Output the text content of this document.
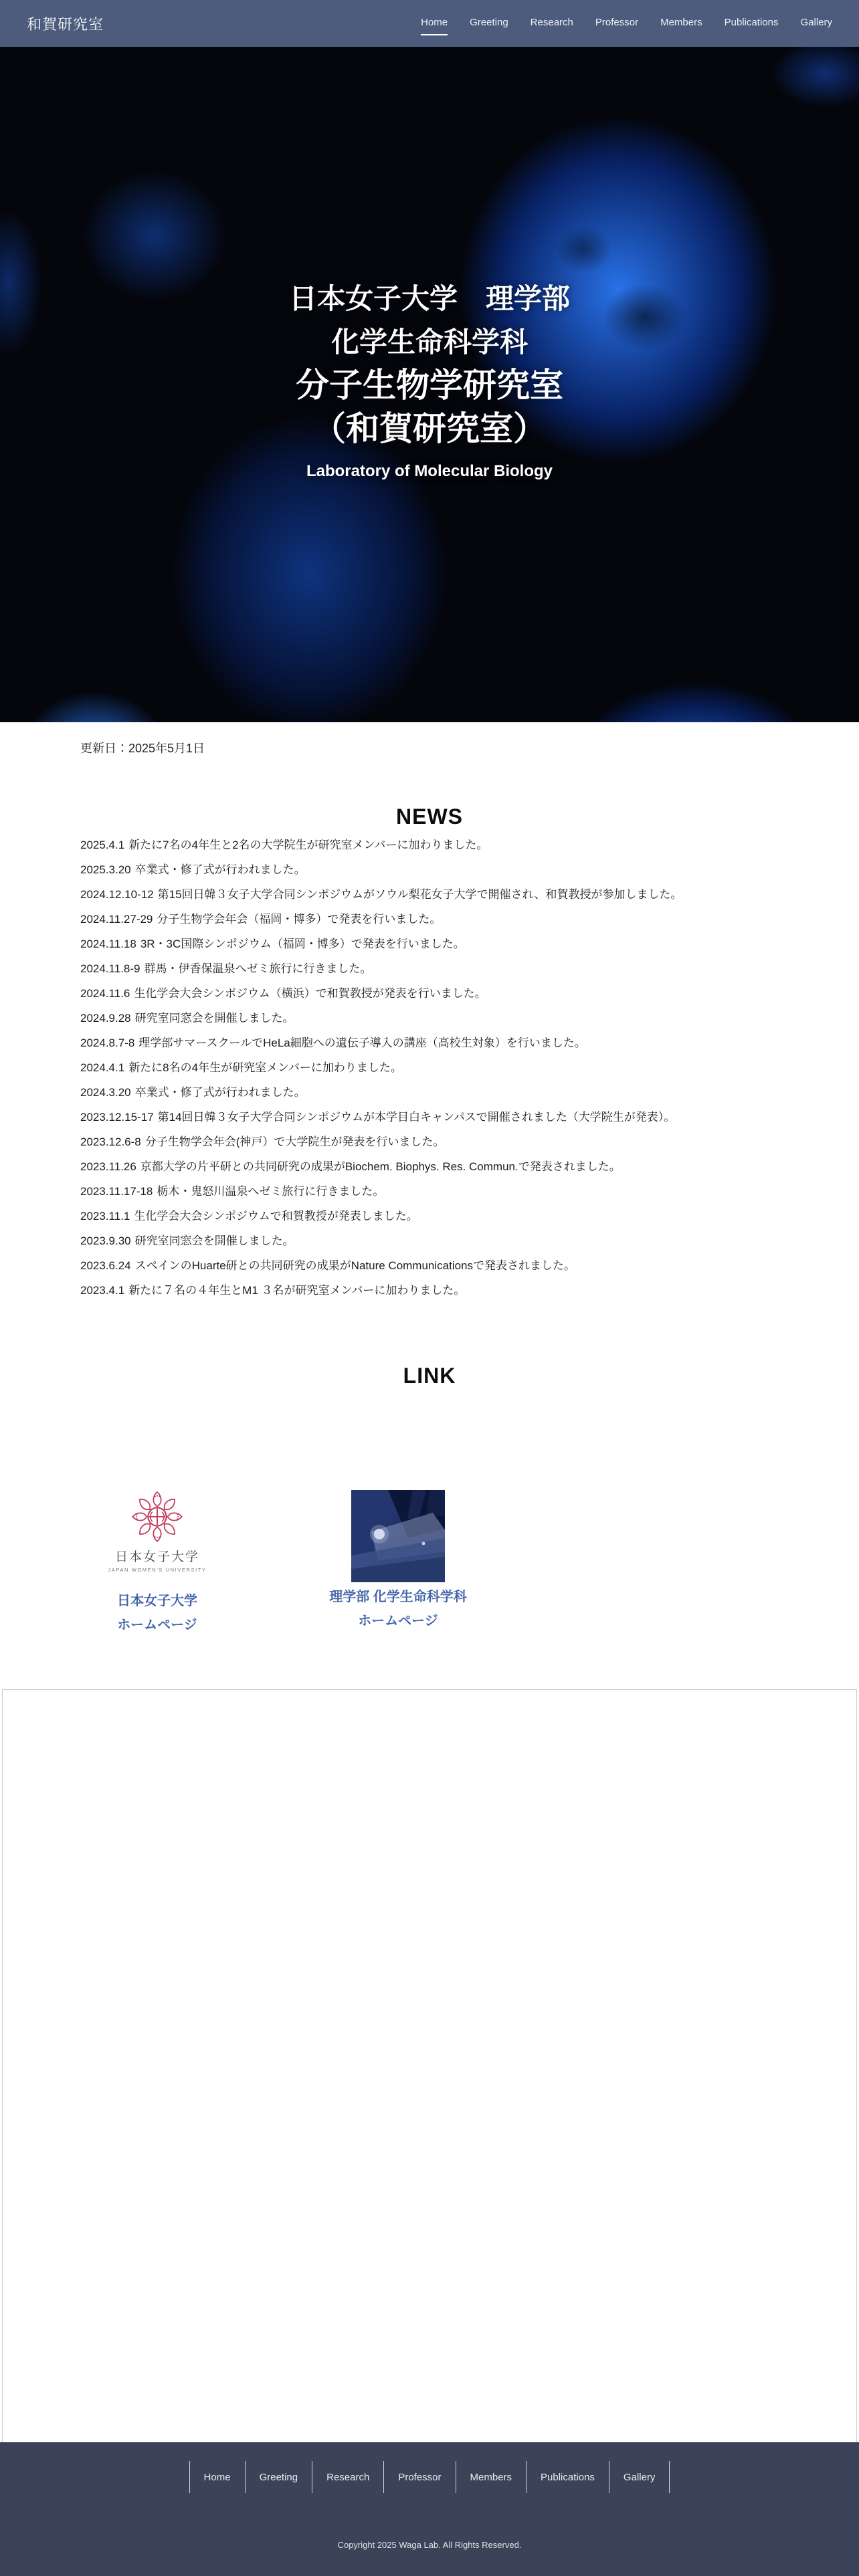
和賀研究室	Home Greeting Research Professor Members Publications Gallery
日本女子大学　理学部
化学生命科学科
分子生物学研究室
（和賀研究室）
Laboratory of Molecular Biology

更新日：2025年5月1日

NEWS
2025.4.1 新たに7名の4年生と2名の大学院生が研究室メンバーに加わりました。
2025.3.20 卒業式・修了式が行われました。
2024.12.10-12 第15回日韓３女子大学合同シンポジウムがソウル梨花女子大学で開催され、和賀教授が参加しました。
2024.11.27-29 分子生物学会年会（福岡・博多）で発表を行いました。
2024.11.18 3R・3C国際シンポジウム（福岡・博多）で発表を行いました。
2024.11.8-9 群馬・伊香保温泉へゼミ旅行に行きました。
2024.11.6 生化学会大会シンポジウム（横浜）で和賀教授が発表を行いました。
2024.9.28 研究室同窓会を開催しました。
2024.8.7-8 理学部サマースクールでHeLa細胞への遺伝子導入の講座（高校生対象）を行いました。
2024.4.1 新たに8名の4年生が研究室メンバーに加わりました。
2024.3.20 卒業式・修了式が行われました。
2023.12.15-17 第14回日韓３女子大学合同シンポジウムが本学目白キャンパスで開催されました（大学院生が発表）。
2023.12.6-8 分子生物学会年会(神戸）で大学院生が発表を行いました。
2023.11.26 京都大学の片平研との共同研究の成果がBiochem. Biophys. Res. Commun.で発表されました。
2023.11.17-18 栃木・鬼怒川温泉へゼミ旅行に行きました。
2023.11.1 生化学会大会シンポジウムで和賀教授が発表しました。
2023.9.30 研究室同窓会を開催しました。
2023.6.24 スペインのHuarte研との共同研究の成果がNature Communicationsで発表されました。
2023.4.1 新たに７名の４年生とM1 ３名が研究室メンバーに加わりました。
LINK
日本女子大学
JAPAN WOMEN'S UNIVERSITY
日本女子大学
ホームページ
理学部 化学生命科学科
ホームページ
Home	Greeting	Research	Professor	Members	Publications	Gallery

Copyright 2025 Waga Lab. All Rights Reserved.
